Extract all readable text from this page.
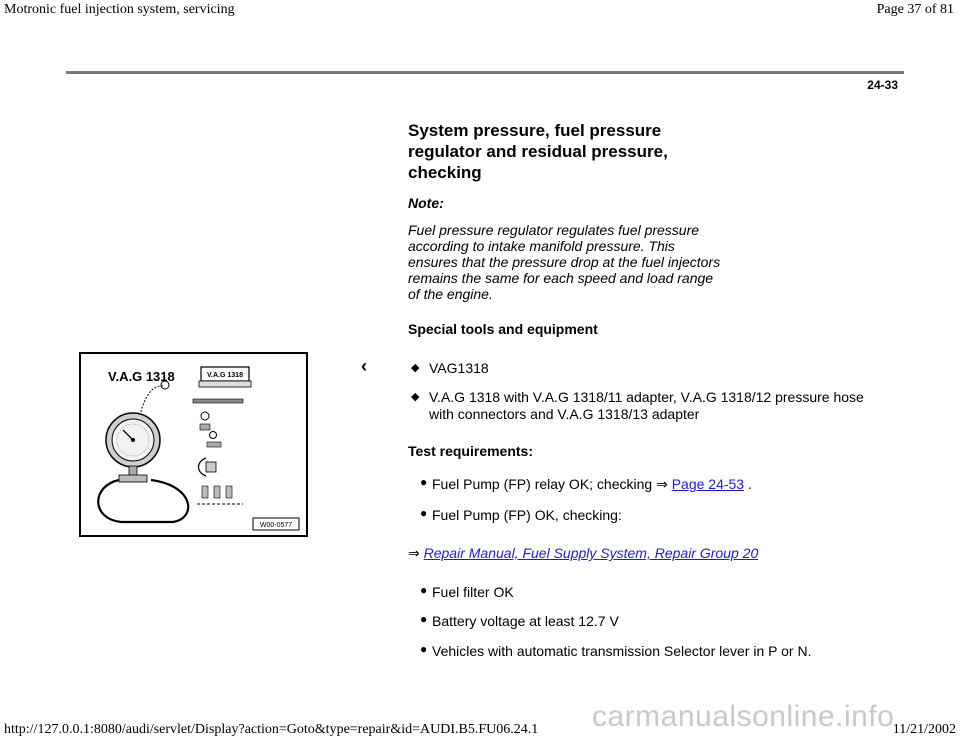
Motronic fuel injection system, servicing	Page 37 of 81
24-33
System pressure, fuel pressure regulator and residual pressure, checking
Note:
Fuel pressure regulator regulates fuel pressure according to intake manifold pressure. This ensures that the pressure drop at the fuel injectors remains the same for each speed and load range of the engine.
Special tools and equipment
V.A.G 1318	V.A.G 1318
W00-0577
‹	◆ VAG1318
◆ V.A.G 1318 with V.A.G 1318/11 adapter, V.A.G 1318/12 pressure hose with connectors and V.A.G 1318/13 adapter
Test requirements:
● Fuel Pump (FP) relay OK; checking ⇒ Page 24-53 .
● Fuel Pump (FP) OK, checking:
⇒ Repair Manual, Fuel Supply System, Repair Group 20
● Fuel filter OK
● Battery voltage at least 12.7 V
● Vehicles with automatic transmission Selector lever in P or N.
carmanualsonline.info
http://127.0.0.1:8080/audi/servlet/Display?action=Goto&type=repair&id=AUDI.B5.FU06.24.1	11/21/2002
